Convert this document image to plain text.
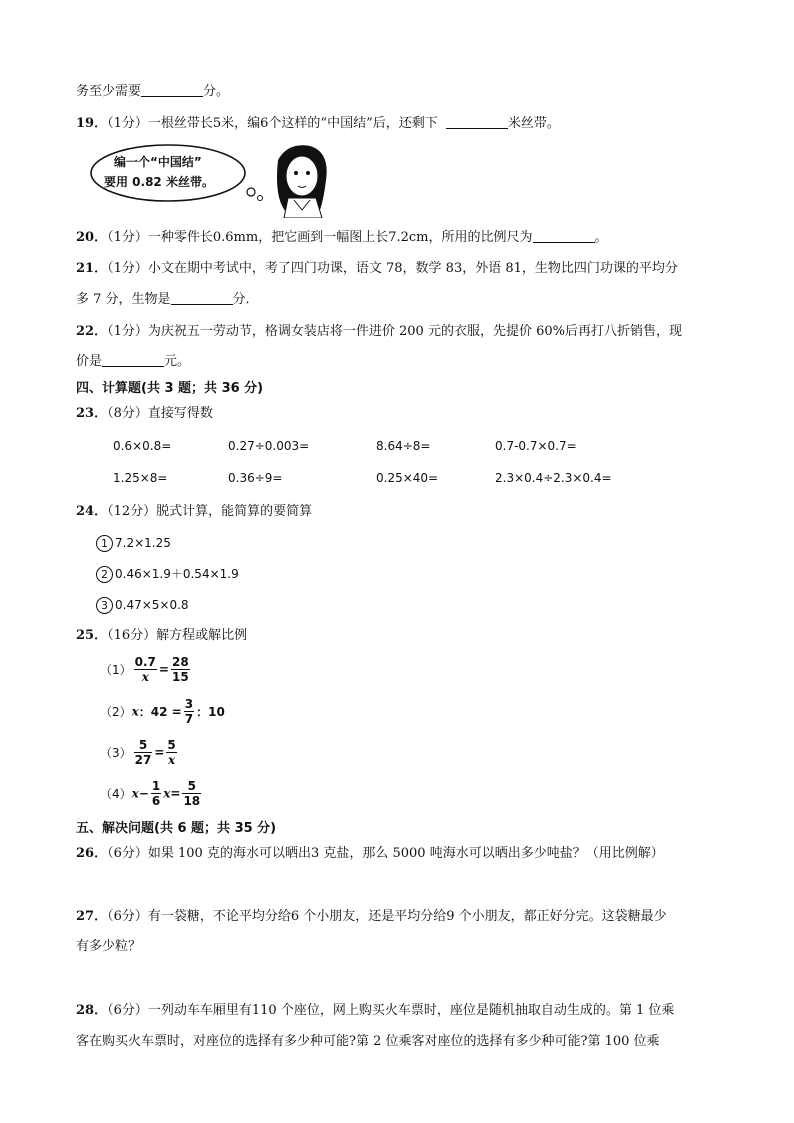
务至少需要	分。
19．（1分）一根丝带长5米，编6个这样的“中国结”后，还剩下	米丝带。
编一个“中国结”
要用 0.82 米丝带。
20．（1分）一种零件长0.6mm，把它画到一幅图上长7.2cm，所用的比例尺为	。
21．（1分）小文在期中考试中，考了四门功课，语文 78，数学 83，外语 81，生物比四门功课的平均分
多 7 分，生物是	分．
22．（1分）为庆祝五一劳动节，格调女装店将一件进价 200 元的衣服，先提价 60%后再打八折销售，现
价是	元。
四、计算题(共 3 题；共 36 分)
23．（8分）直接写得数
0.6×0.8=	0.27÷0.003=	8.64÷8=	0.7-0.7×0.7=
1.25×8=	0.36÷9=	0.25×40=	2.3×0.4÷2.3×0.4=
24．（12分）脱式计算，能简算的要简算
1 7.2×1.25
2 0.46×1.9＋0.54×1.9
3 0.47×5×0.8
25．（16分）解方程或解比例
$(1) \frac{0.7}{x} = \frac{28}{15}$
（2）x：$42 = \frac{3}{7}$ ：10
$(3) \frac{5}{27} = \frac{5}{x}$
$(4)x- \frac{1}{6} x= \frac{5}{18}$
五、解决问题(共 6 题；共 35 分)
26．（6分）如果 100 克的海水可以晒出3 克盐，那么 5000 吨海水可以晒出多少吨盐？（用比例解）
27．（6分）有一袋糖，不论平均分给6 个小朋友，还是平均分给9 个小朋友，都正好分完。这袋糖最少
有多少粒？
28．（6分）一列动车车厢里有110 个座位，网上购买火车票时，座位是随机抽取自动生成的。第 1 位乘
客在购买火车票时，对座位的选择有多少种可能?第 2 位乘客对座位的选择有多少种可能?第 100 位乘
